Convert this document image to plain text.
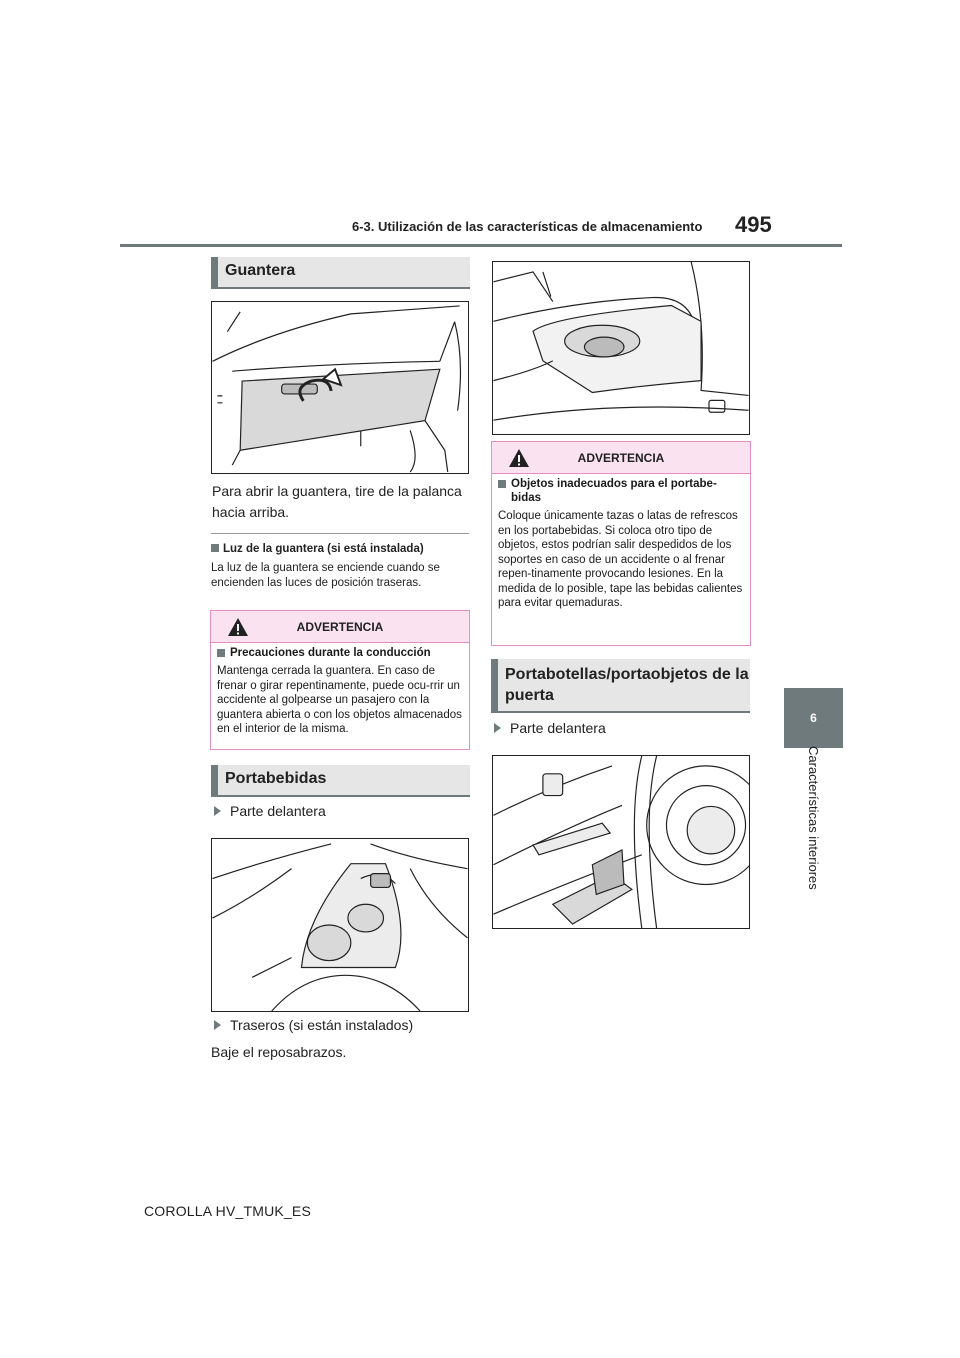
6-3. Utilización de las características de almacenamiento 495
6
Características interiores
Guantera
Para abrir la guantera, tire de la palanca hacia arriba.
Luz de la guantera (si está instalada)
La luz de la guantera se enciende cuando se encienden las luces de posición traseras.
ADVERTENCIA
Precauciones durante la conducción
Mantenga cerrada la guantera. En caso de frenar o girar repentinamente, puede ocu-rrir un accidente al golpearse un pasajero con la guantera abierta o con los objetos almacenados en el interior de la misma.
Portabebidas
Parte delantera
Traseros (si están instalados)
Baje el reposabrazos.
ADVERTENCIA
Objetos inadecuados para el portabe-bidas
Coloque únicamente tazas o latas de refrescos en los portabebidas. Si coloca otro tipo de objetos, estos podrían salir despedidos de los soportes en caso de un accidente o al frenar repen-tinamente provocando lesiones. En la medida de lo posible, tape las bebidas calientes para evitar quemaduras.
Portabotellas/portaobjetos de la puerta
Parte delantera
COROLLA HV_TMUK_ES
